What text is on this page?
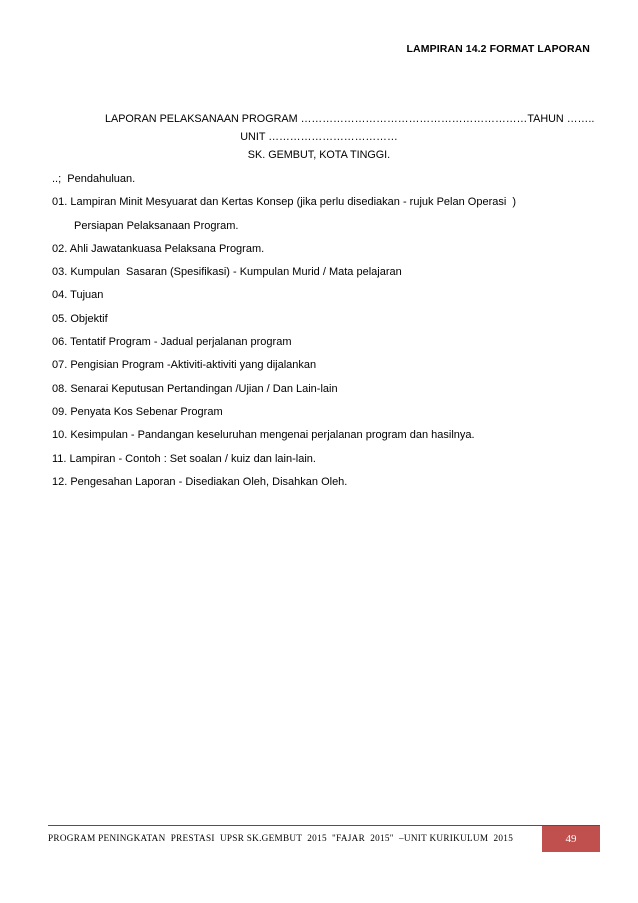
LAMPIRAN 14.2 FORMAT LAPORAN
LAPORAN PELAKSANAAN PROGRAM ………………………………………………………TAHUN ……..
UNIT ………………………………
SK. GEMBUT, KOTA TINGGI.
..;  Pendahuluan.
01. Lampiran Minit Mesyuarat dan Kertas Konsep (jika perlu disediakan - rujuk Pelan Operasi  )
Persiapan Pelaksanaan Program.
02. Ahli Jawatankuasa Pelaksana Program.
03. Kumpulan  Sasaran (Spesifikasi) - Kumpulan Murid / Mata pelajaran
04. Tujuan
05. Objektif
06. Tentatif Program - Jadual perjalanan program
07. Pengisian Program -Aktiviti-aktiviti yang dijalankan
08. Senarai Keputusan Pertandingan /Ujian / Dan Lain-lain
09. Penyata Kos Sebenar Program
10. Kesimpulan - Pandangan keseluruhan mengenai perjalanan program dan hasilnya.
11. Lampiran - Contoh : Set soalan / kuiz dan lain-lain.
12. Pengesahan Laporan - Disediakan Oleh, Disahkan Oleh.
PROGRAM PENINGKATAN  PRESTASI  UPSR SK.GEMBUT  2015  "FAJAR  2015"  –UNIT KURIKULUM  2015	49
